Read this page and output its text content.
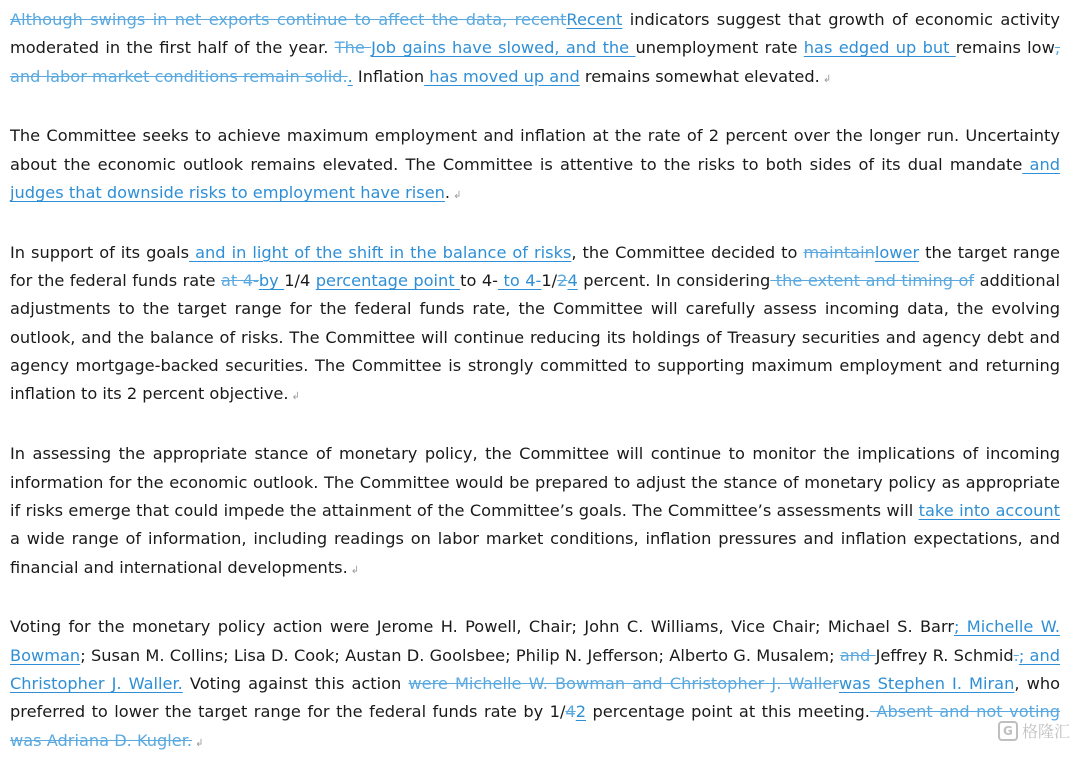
Although swings in net exports continue to affect the data, recentRecent indicators suggest that growth of economic activity moderated in the first half of the year. The Job gains have slowed, and the unemployment rate has edged up but remains low, and labor market conditions remain solid.. Inflation has moved up and remains somewhat elevated. ↲

The Committee seeks to achieve maximum employment and inflation at the rate of 2 percent over the longer run. Uncertainty about the economic outlook remains elevated. The Committee is attentive to the risks to both sides of its dual mandate and judges that downside risks to employment have risen. ↲

In support of its goals and in light of the shift in the balance of risks, the Committee decided to maintainlower the target range for the federal funds rate at 4-by 1/4 percentage point to 4- to 4-1/24 percent. In considering the extent and timing of additional adjustments to the target range for the federal funds rate, the Committee will carefully assess incoming data, the evolving outlook, and the balance of risks. The Committee will continue reducing its holdings of Treasury securities and agency debt and agency mortgage‑backed securities. The Committee is strongly committed to supporting maximum employment and returning inflation to its 2 percent objective. ↲

In assessing the appropriate stance of monetary policy, the Committee will continue to monitor the implications of incoming information for the economic outlook. The Committee would be prepared to adjust the stance of monetary policy as appropriate if risks emerge that could impede the attainment of the Committee’s goals. The Committee’s assessments will take into account a wide range of information, including readings on labor market conditions, inflation pressures and inflation expectations, and financial and international developments. ↲

Voting for the monetary policy action were Jerome H. Powell, Chair; John C. Williams, Vice Chair; Michael S. Barr; Michelle W. Bowman; Susan M. Collins; Lisa D. Cook; Austan D. Goolsbee; Philip N. Jefferson; Alberto G. Musalem; and Jeffrey R. Schmid.; and Christopher J. Waller. Voting against this action were Michelle W. Bowman and Christopher J. Wallerwas Stephen I. Miran, who preferred to lower the target range for the federal funds rate by 1/42 percentage point at this meeting. Absent and not voting was Adriana D. Kugler. ↲

G 格隆汇
